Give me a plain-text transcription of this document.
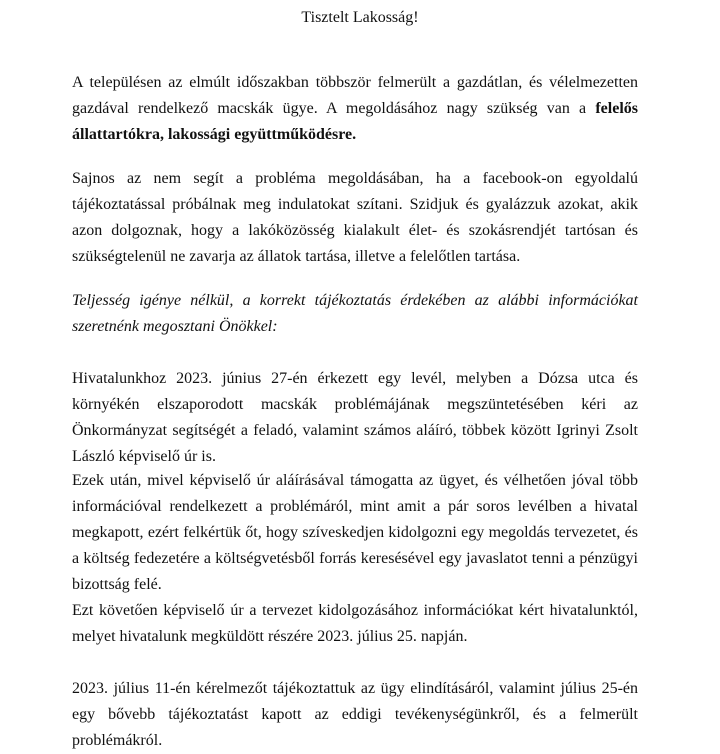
Tisztelt Lakosság!

A településen az elmúlt időszakban többször felmerült a gazdátlan, és vélelmezetten gazdával rendelkező macskák ügye. A megoldásához nagy szükség van a felelős állattartókra, lakossági együttműködésre.

Sajnos az nem segít a probléma megoldásában, ha a facebook-on egyoldalú tájékoztatással próbálnak meg indulatokat szítani. Szidjuk és gyalázzuk azokat, akik azon dolgoznak, hogy a lakóközösség kialakult élet- és szokásrendjét tartósan és szükségtelenül ne zavarja az állatok tartása, illetve a felelőtlen tartása.

Teljesség igénye nélkül, a korrekt tájékoztatás érdekében az alábbi információkat szeretnénk megosztani Önökkel:

Hivatalunkhoz 2023. június 27-én érkezett egy levél, melyben a Dózsa utca és környékén elszaporodott macskák problémájának megszüntetésében kéri az Önkormányzat segítségét a feladó, valamint számos aláíró, többek között Igrinyi Zsolt László képviselő úr is.

Ezek után, mivel képviselő úr aláírásával támogatta az ügyet, és vélhetően jóval több információval rendelkezett a problémáról, mint amit a pár soros levélben a hivatal megkapott, ezért felkértük őt, hogy szíveskedjen kidolgozni egy megoldás tervezetet, és a költség fedezetére a költségvetésből forrás keresésével egy javaslatot tenni a pénzügyi bizottság felé.

Ezt követően képviselő úr a tervezet kidolgozásához információkat kért hivatalunktól, melyet hivatalunk megküldött részére 2023. július 25. napján.

2023. július 11-én kérelmezőt tájékoztattuk az ügy elindításáról, valamint július 25-én egy bővebb tájékoztatást kapott az eddigi tevékenységünkről, és a felmerült problémákról.
